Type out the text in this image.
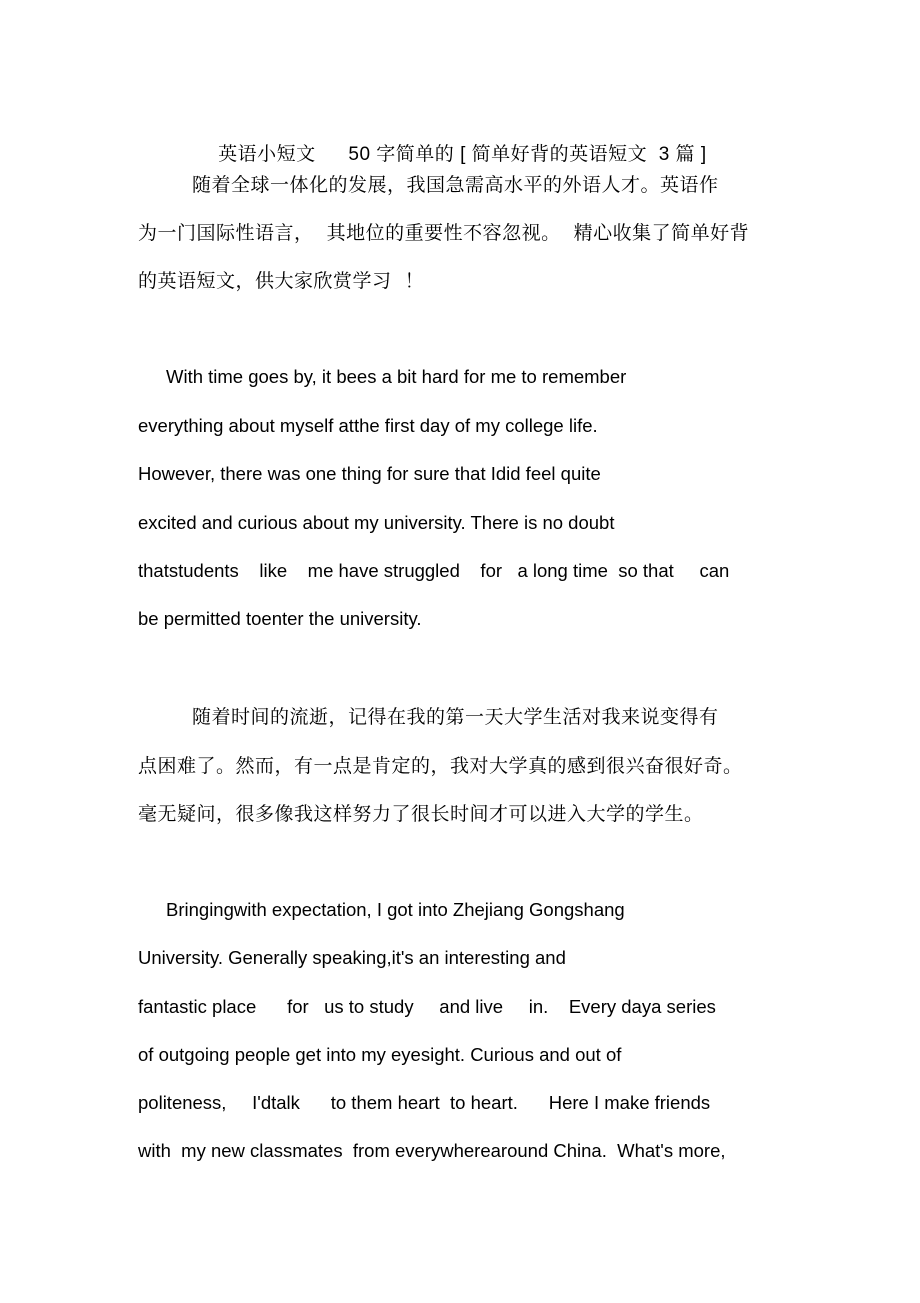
英语小短文 50 字简单的 [ 简单好背的英语短文  3 篇 ]

随着全球一体化的发展，我国急需高水平的外语人才。英语作
为一门国际性语言，  其地位的重要性不容忽视。  精心收集了简单好背
的英语短文，供大家欣赏学习  ！
With time goes by, it bees a bit hard for me to remember
everything about myself atthe first day of my college life.
However, there was one thing for sure that Idid feel quite
excited and curious about my university. There is no doubt
thatstudents    like    me have struggled    for   a long time  so that     can
be permitted toenter the university.
随着时间的流逝，记得在我的第一天大学生活对我来说变得有
点困难了。然而，有一点是肯定的，我对大学真的感到很兴奋很好奇。
毫无疑问，很多像我这样努力了很长时间才可以进入大学的学生。
Bringingwith expectation, I got into Zhejiang Gongshang
University. Generally speaking,it's an interesting and
fantastic place      for   us to study     and live     in.    Every daya series
of outgoing people get into my eyesight. Curious and out of
politeness,     I'dtalk      to them heart  to heart.      Here I make friends
with  my new classmates  from everywherearound China.  What's more,
